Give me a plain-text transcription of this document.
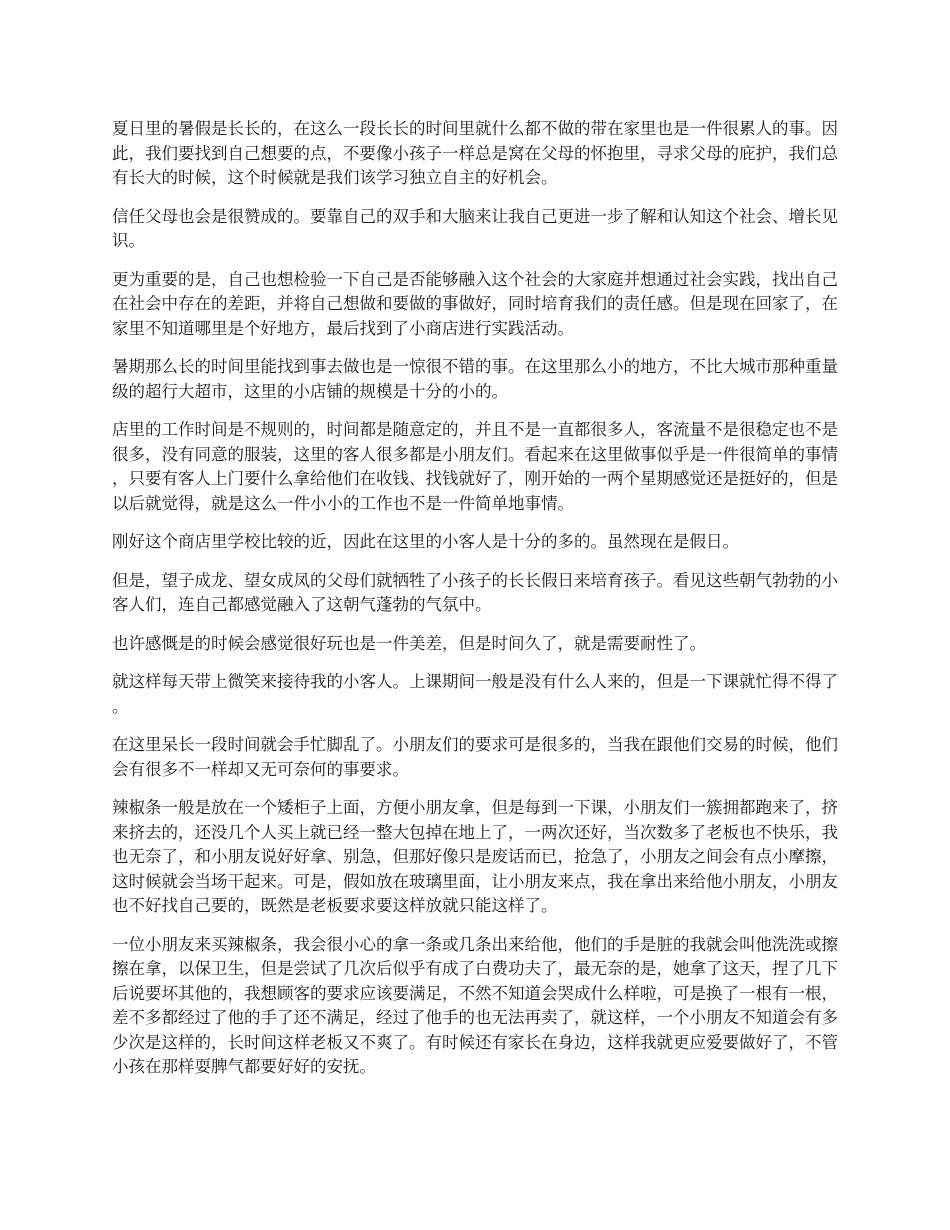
夏日里的暑假是长长的，在这么一段长长的时间里就什么都不做的带在家里也是一件很累人的事。因此，我们要找到自己想要的点，不要像小孩子一样总是窝在父母的怀抱里，寻求父母的庇护，我们总有长大的时候，这个时候就是我们该学习独立自主的好机会。

信任父母也会是很赞成的。要靠自己的双手和大脑来让我自己更进一步了解和认知这个社会、增长见识。

更为重要的是，自己也想检验一下自己是否能够融入这个社会的大家庭并想通过社会实践，找出自己在社会中存在的差距，并将自己想做和要做的事做好，同时培育我们的责任感。但是现在回家了，在家里不知道哪里是个好地方，最后找到了小商店进行实践活动。

暑期那么长的时间里能找到事去做也是一惊很不错的事。在这里那么小的地方，不比大城市那种重量级的超行大超市，这里的小店铺的规模是十分的小的。

店里的工作时间是不规则的，时间都是随意定的，并且不是一直都很多人，客流量不是很稳定也不是很多，没有同意的服装，这里的客人很多都是小朋友们。看起来在这里做事似乎是一件很简单的事情，只要有客人上门要什么拿给他们在收钱、找钱就好了，刚开始的一两个星期感觉还是挺好的，但是以后就觉得，就是这么一件小小的工作也不是一件简单地事情。

刚好这个商店里学校比较的近，因此在这里的小客人是十分的多的。虽然现在是假日。

但是，望子成龙、望女成凤的父母们就牺牲了小孩子的长长假日来培育孩子。看见这些朝气勃勃的小客人们，连自己都感觉融入了这朝气蓬勃的气氛中。

也许感慨是的时候会感觉很好玩也是一件美差，但是时间久了，就是需要耐性了。

就这样每天带上微笑来接待我的小客人。上课期间一般是没有什么人来的，但是一下课就忙得不得了。

在这里呆长一段时间就会手忙脚乱了。小朋友们的要求可是很多的，当我在跟他们交易的时候，他们会有很多不一样却又无可奈何的事要求。

辣椒条一般是放在一个矮柜子上面，方便小朋友拿，但是每到一下课，小朋友们一簇拥都跑来了，挤来挤去的，还没几个人买上就已经一整大包掉在地上了，一两次还好，当次数多了老板也不快乐，我也无奈了，和小朋友说好好拿、别急，但那好像只是废话而已，抢急了，小朋友之间会有点小摩擦，这时候就会当场干起来。可是，假如放在玻璃里面，让小朋友来点，我在拿出来给他小朋友，小朋友也不好找自己要的，既然是老板要求要这样放就只能这样了。

一位小朋友来买辣椒条，我会很小心的拿一条或几条出来给他，他们的手是脏的我就会叫他洗洗或擦擦在拿，以保卫生，但是尝试了几次后似乎有成了白费功夫了，最无奈的是，她拿了这天，捏了几下后说要坏其他的，我想顾客的要求应该要满足，不然不知道会哭成什么样啦，可是换了一根有一根，差不多都经过了他的手了还不满足，经过了他手的也无法再卖了，就这样，一个小朋友不知道会有多少次是这样的，长时间这样老板又不爽了。有时候还有家长在身边，这样我就更应爱要做好了，不管小孩在那样耍脾气都要好好的安抚。
